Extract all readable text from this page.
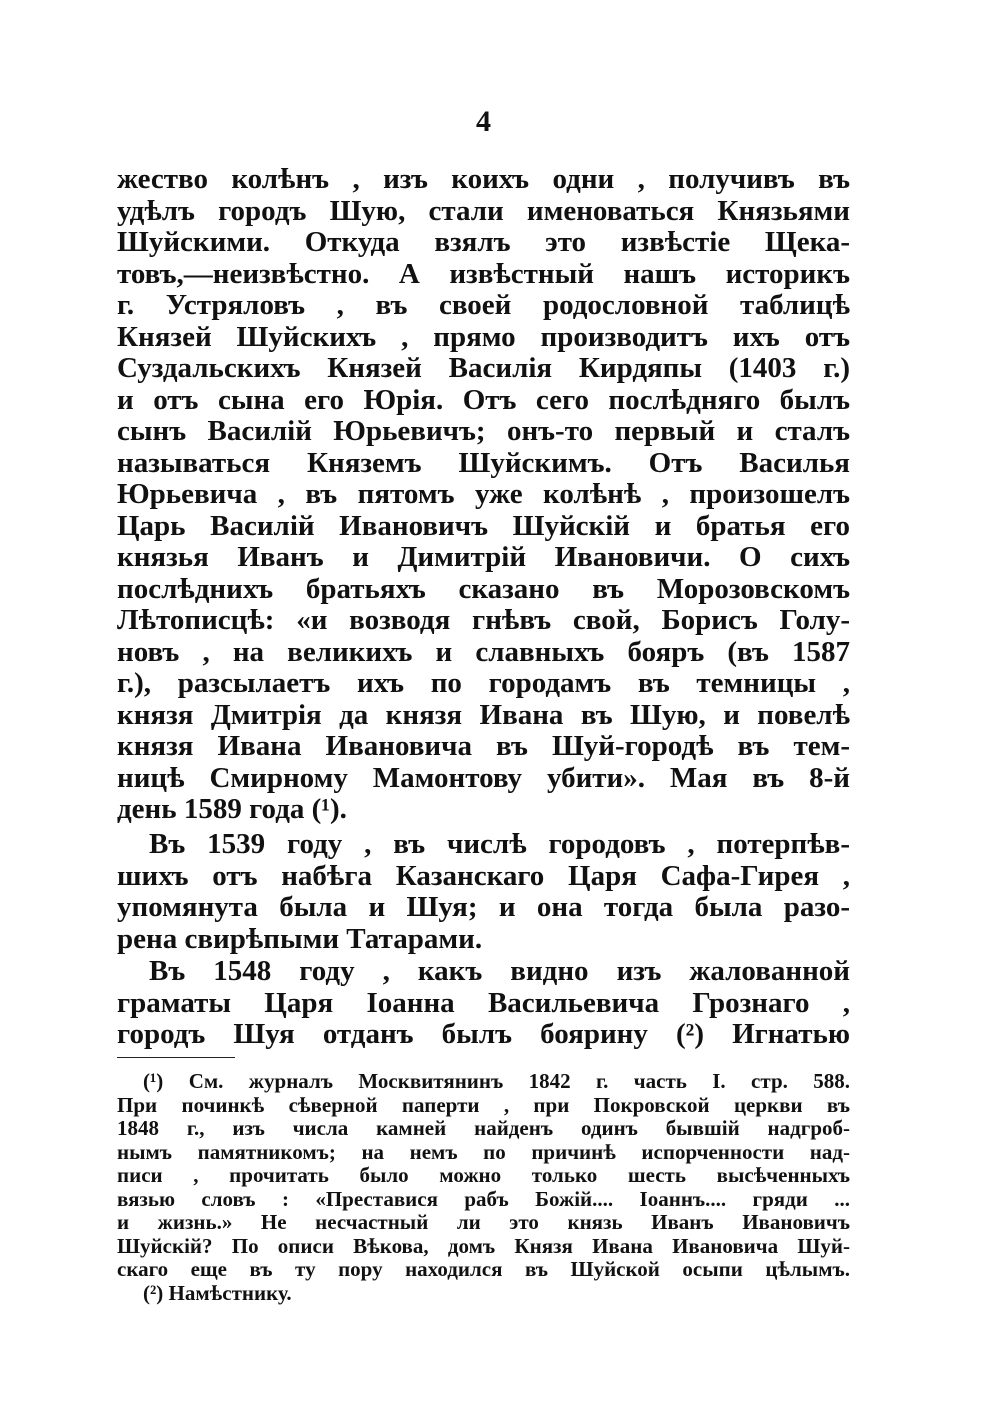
4
жество колѣнъ , изъ коихъ одни , получивъ въ
удѣлъ городъ Шую, стали именоваться Князьями
Шуйскими. Откуда взялъ это извѣстіе Щека-
товъ,—неизвѣстно. А извѣстный нашъ историкъ
г. Устряловъ , въ своей родословной таблицѣ
Князей Шуйскихъ , прямо производитъ ихъ отъ
Суздальскихъ Князей Василія Кирдяпы (1403 г.)
и отъ сына его Юрія. Отъ сего послѣдняго былъ
сынъ Василій Юрьевичъ; онъ-то первый и сталъ
называться Княземъ Шуйскимъ. Отъ Василья
Юрьевича , въ пятомъ уже колѣнѣ , произошелъ
Царь Василій Ивановичъ Шуйскій и братья его
князья Иванъ и Димитрій Ивановичи. О сихъ
послѣднихъ братьяхъ сказано въ Морозовскомъ
Лѣтописцѣ: «и возводя гнѣвъ свой, Борисъ Голу-
новъ , на великихъ и славныхъ бояръ (въ 1587
г.), разсылаетъ ихъ по городамъ въ темницы ,
князя Дмитрія да князя Ивана въ Шую, и повелѣ
князя Ивана Ивановича въ Шуй-городѣ въ тем-
ницѣ Смирному Мамонтову убити». Мая въ 8-й
день 1589 года (¹).
Въ 1539 году , въ числѣ городовъ , потерпѣв-
шихъ отъ набѣга Казанскаго Царя Сафа-Гирея ,
упомянута была и Шуя; и она тогда была разо-
рена свирѣпыми Татарами.
Въ 1548 году , какъ видно изъ жалованной
граматы Царя Іоанна Васильевича Грознаго ,
городъ Шуя отданъ былъ боярину (²) Игнатью
(¹) См. журналъ Москвитянинъ 1842 г. часть I. стр. 588.
При починкѣ сѣверной паперти , при Покровской церкви въ
1848 г., изъ числа камней найденъ одинъ бывшій надгроб-
нымъ памятникомъ; на немъ по причинѣ испорченности над-
писи , прочитать было можно только шесть высѣченныхъ
вязью словъ : «Преставися рабъ Божій.... Іоаннъ.... гряди ...
и жизнь.» Не несчастный ли это князь Иванъ Ивановичъ
Шуйскій? По описи Вѣкова, домъ Князя Ивана Ивановича Шуй-
скаго еще въ ту пору находился въ Шуйской осыпи цѣлымъ.
(²) Намѣстнику.
